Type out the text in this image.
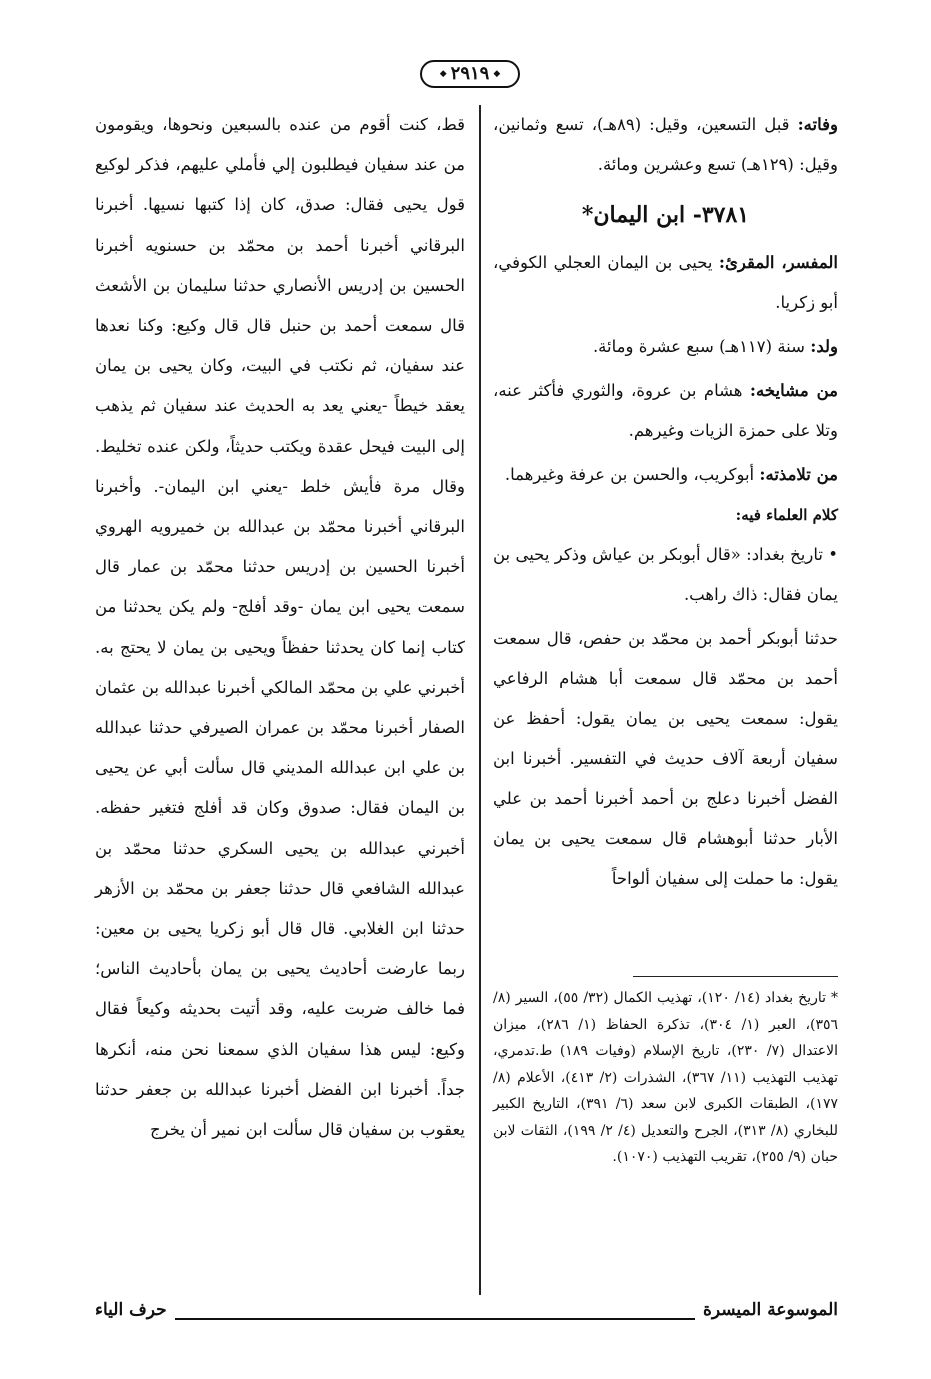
◆ ٢٩١٩ ◆

وفاته: قبل التسعين، وقيل: (٨٩هـ)، تسع وثمانين، وقيل: (١٢٩هـ) تسع وعشرين ومائة.

٣٧٨١- ابن اليمان*

المفسر، المقرئ: يحيى بن اليمان العجلي الكوفي، أبو زكريا.

ولد: سنة (١١٧هـ) سبع عشرة ومائة.

من مشايخه: هشام بن عروة، والثوري فأكثر عنه، وتلا على حمزة الزيات وغيرهم.

من تلامذته: أبوكريب، والحسن بن عرفة وغيرهما.

كلام العلماء فيه:

• تاريخ بغداد: «قال أبوبكر بن عياش وذكر يحيى بن يمان فقال: ذاك راهب.

حدثنا أبوبكر أحمد بن محمّد بن حفص، قال سمعت أحمد بن محمّد قال سمعت أبا هشام الرفاعي يقول: سمعت يحيى بن يمان يقول: أحفظ عن سفيان أربعة آلاف حديث في التفسير. أخبرنا ابن الفضل أخبرنا دعلج بن أحمد أخبرنا أحمد بن علي الأبار حدثنا أبوهشام قال سمعت يحيى بن يمان يقول: ما حملت إلى سفيان ألواحاً

* تاريخ بغداد (١٤/ ١٢٠)، تهذيب الكمال (٣٢/ ٥٥)، السير (٨/ ٣٥٦)، العبر (١/ ٣٠٤)، تذكرة الحفاظ (١/ ٢٨٦)، ميزان الاعتدال (٧/ ٢٣٠)، تاريخ الإسلام (وفيات ١٨٩) ط.تدمري، تهذيب التهذيب (١١/ ٣٦٧)، الشذرات (٢/ ٤١٣)، الأعلام (٨/ ١٧٧)، الطبقات الكبرى لابن سعد (٦/ ٣٩١)، التاريخ الكبير للبخاري (٨/ ٣١٣)، الجرح والتعديل (٤/ ٢/ ١٩٩)، الثقات لابن حبان (٩/ ٢٥٥)، تقريب التهذيب (١٠٧٠).

قط، كنت أقوم من عنده بالسبعين ونحوها، ويقومون من عند سفيان فيطلبون إلي فأملي عليهم، فذكر لوكيع قول يحيى فقال: صدق، كان إذا كتبها نسيها. أخبرنا البرقاني أخبرنا أحمد بن محمّد بن حسنويه أخبرنا الحسين بن إدريس الأنصاري حدثنا سليمان بن الأشعث قال سمعت أحمد بن حنبل قال قال وكيع: وكنا نعدها عند سفيان، ثم نكتب في البيت، وكان يحيى بن يمان يعقد خيطاً -يعني يعد به الحديث عند سفيان ثم يذهب إلى البيت فيحل عقدة ويكتب حديثاً، ولكن عنده تخليط. وقال مرة فأيش خلط -يعني ابن اليمان-. وأخبرنا البرقاني أخبرنا محمّد بن عبدالله بن خميرويه الهروي أخبرنا الحسين بن إدريس حدثنا محمّد بن عمار قال سمعت يحيى ابن يمان -وقد أفلج- ولم يكن يحدثنا من كتاب إنما كان يحدثنا حفظاً ويحيى بن يمان لا يحتج به. أخبرني علي بن محمّد المالكي أخبرنا عبدالله بن عثمان الصفار أخبرنا محمّد بن عمران الصيرفي حدثنا عبدالله بن علي ابن عبدالله المديني قال سألت أبي عن يحيى بن اليمان فقال: صدوق وكان قد أفلج فتغير حفظه. أخبرني عبدالله بن يحيى السكري حدثنا محمّد بن عبدالله الشافعي قال حدثنا جعفر بن محمّد بن الأزهر حدثنا ابن الغلابي. قال قال أبو زكريا يحيى بن معين: ربما عارضت أحاديث يحيى بن يمان بأحاديث الناس؛ فما خالف ضربت عليه، وقد أتيت بحديثه وكيعاً فقال وكيع: ليس هذا سفيان الذي سمعنا نحن منه، أنكرها جداً. أخبرنا ابن الفضل أخبرنا عبدالله بن جعفر حدثنا يعقوب بن سفيان قال سألت ابن نمير أن يخرج

حرف الياء	الموسوعة الميسرة
